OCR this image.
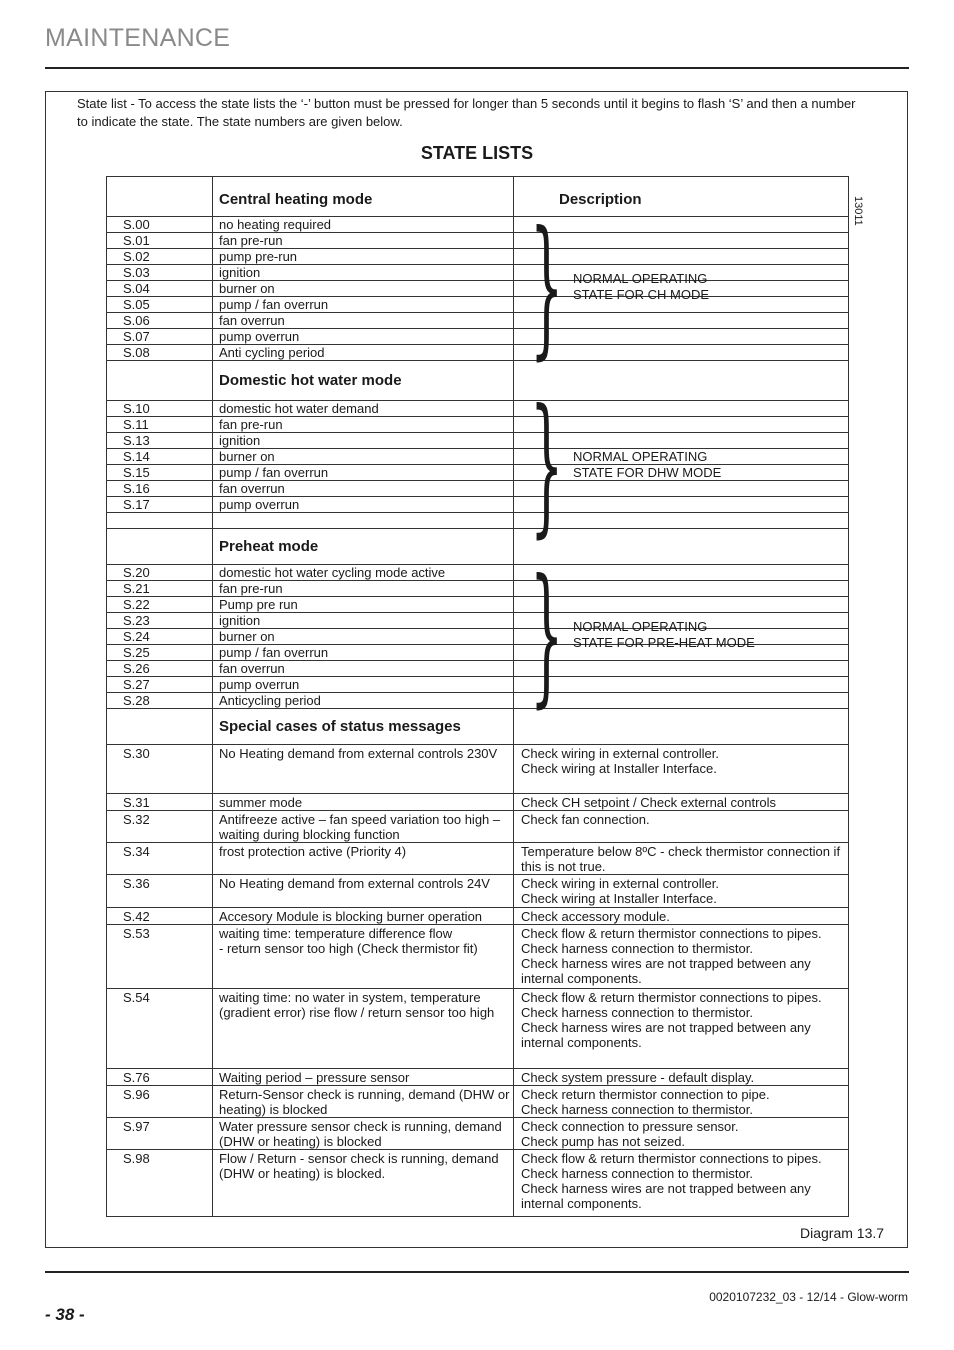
MAINTENANCE
State list - To access the state lists the ‘-’ button must be pressed for longer than 5 seconds until it begins to flash ‘S’ and then a number to indicate the state. The state numbers are given below.
STATE LISTS
13011
	Central heating mode	Description
S.00	no heating required	
S.01	fan pre-run	
S.02	pump pre-run	
S.03	ignition	
S.04	burner on	
S.05	pump / fan overrun	
S.06	fan overrun	
S.07	pump overrun	
S.08	Anti cycling period	
	Domestic hot water mode	
S.10	domestic hot water demand	
S.11	fan pre-run	
S.13	ignition	
S.14	burner on	
S.15	pump / fan overrun	
S.16	fan overrun	
S.17	pump overrun	

	Preheat mode	
S.20	domestic hot water cycling mode active	
S.21	fan pre-run	
S.22	Pump pre run	
S.23	ignition	
S.24	burner on	
S.25	pump / fan overrun	
S.26	fan overrun	
S.27	pump overrun	
S.28	Anticycling period	
	Special cases of status messages	
S.30	No Heating demand from external controls 230V	Check wiring in external controller.
Check wiring at Installer Interface.
S.31	summer mode	Check CH setpoint / Check external controls
S.32	Antifreeze active – fan speed variation too high – waiting during blocking function	Check fan connection.
S.34	frost protection active (Priority 4)	Temperature below 8ºC - check thermistor connection if this is not true.
S.36	No Heating demand from external controls 24V	Check wiring in external controller.
Check wiring at Installer Interface.
S.42	Accesory Module is blocking burner operation	Check accessory module.
S.53	waiting time: temperature difference flow
- return sensor too high (Check thermistor fit)	Check flow & return thermistor connections to pipes.
Check harness connection to thermistor.
Check harness wires are not trapped between any internal components.
S.54	waiting time: no water in system, temperature (gradient error) rise flow / return sensor too high	Check flow & return thermistor connections to pipes.
Check harness connection to thermistor.
Check harness wires are not trapped between any internal components.
S.76	Waiting period – pressure sensor	Check system pressure - default display.
S.96	Return-Sensor check is running, demand (DHW or heating) is blocked	Check return thermistor connection to pipe.
Check harness connection to thermistor.
S.97	Water pressure sensor check is running, demand (DHW or heating) is blocked	Check connection to pressure sensor.
Check pump has not seized.
S.98	Flow / Return - sensor check is running, demand (DHW or heating) is blocked.	Check flow & return thermistor connections to pipes.
Check harness connection to thermistor.
Check harness wires are not trapped between any internal components.
} NORMAL OPERATING
STATE FOR CH MODE
} NORMAL OPERATING
STATE FOR DHW MODE
} NORMAL OPERATING
STATE FOR PRE-HEAT MODE
Diagram 13.7
0020107232_03 - 12/14 - Glow-worm
- 38 -
